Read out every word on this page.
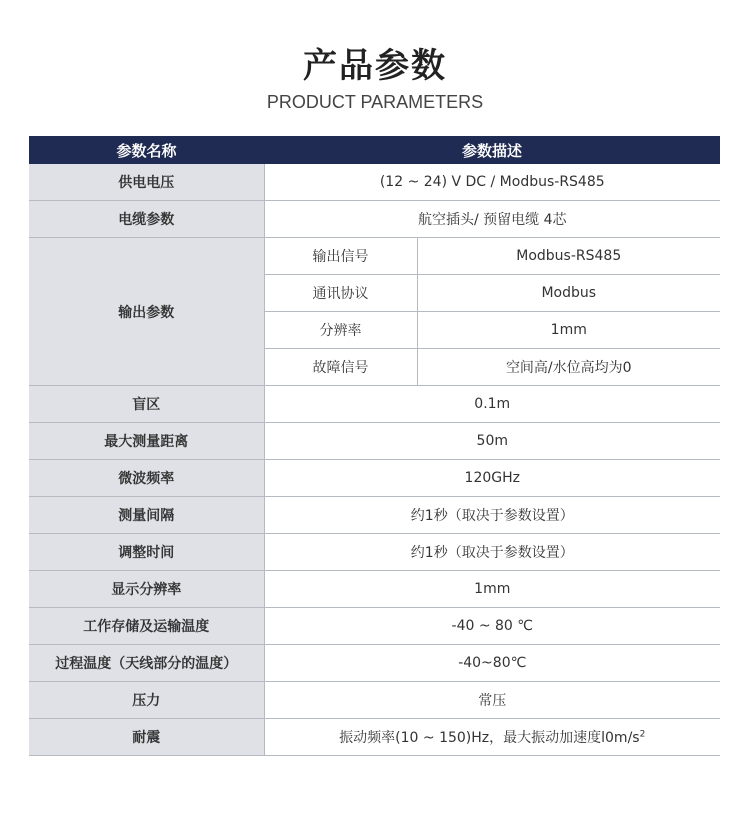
产品参数
PRODUCT PARAMETERS
参数名称	参数描述	
供电电压	(12 ~ 24) V DC / Modbus-RS485	
电缆参数	航空插头/ 预留电缆 4芯	
输出参数	输出信号	Modbus-RS485
	通讯协议	Modbus
	分辨率	1mm
	故障信号	空间高/水位高均为0
盲区	0.1m	
最大测量距离	50m	
微波频率	120GHz	
测量间隔	约1秒（取决于参数设置）	
调整时间	约1秒（取决于参数设置）	
显示分辨率	1mm	
工作存储及运输温度	-40 ~ 80 ℃	
过程温度（天线部分的温度）	-40~80℃	
压力	常压	
耐震	振动频率(10 ~ 150)Hz，最大振动加速度$l0m/s^2$
